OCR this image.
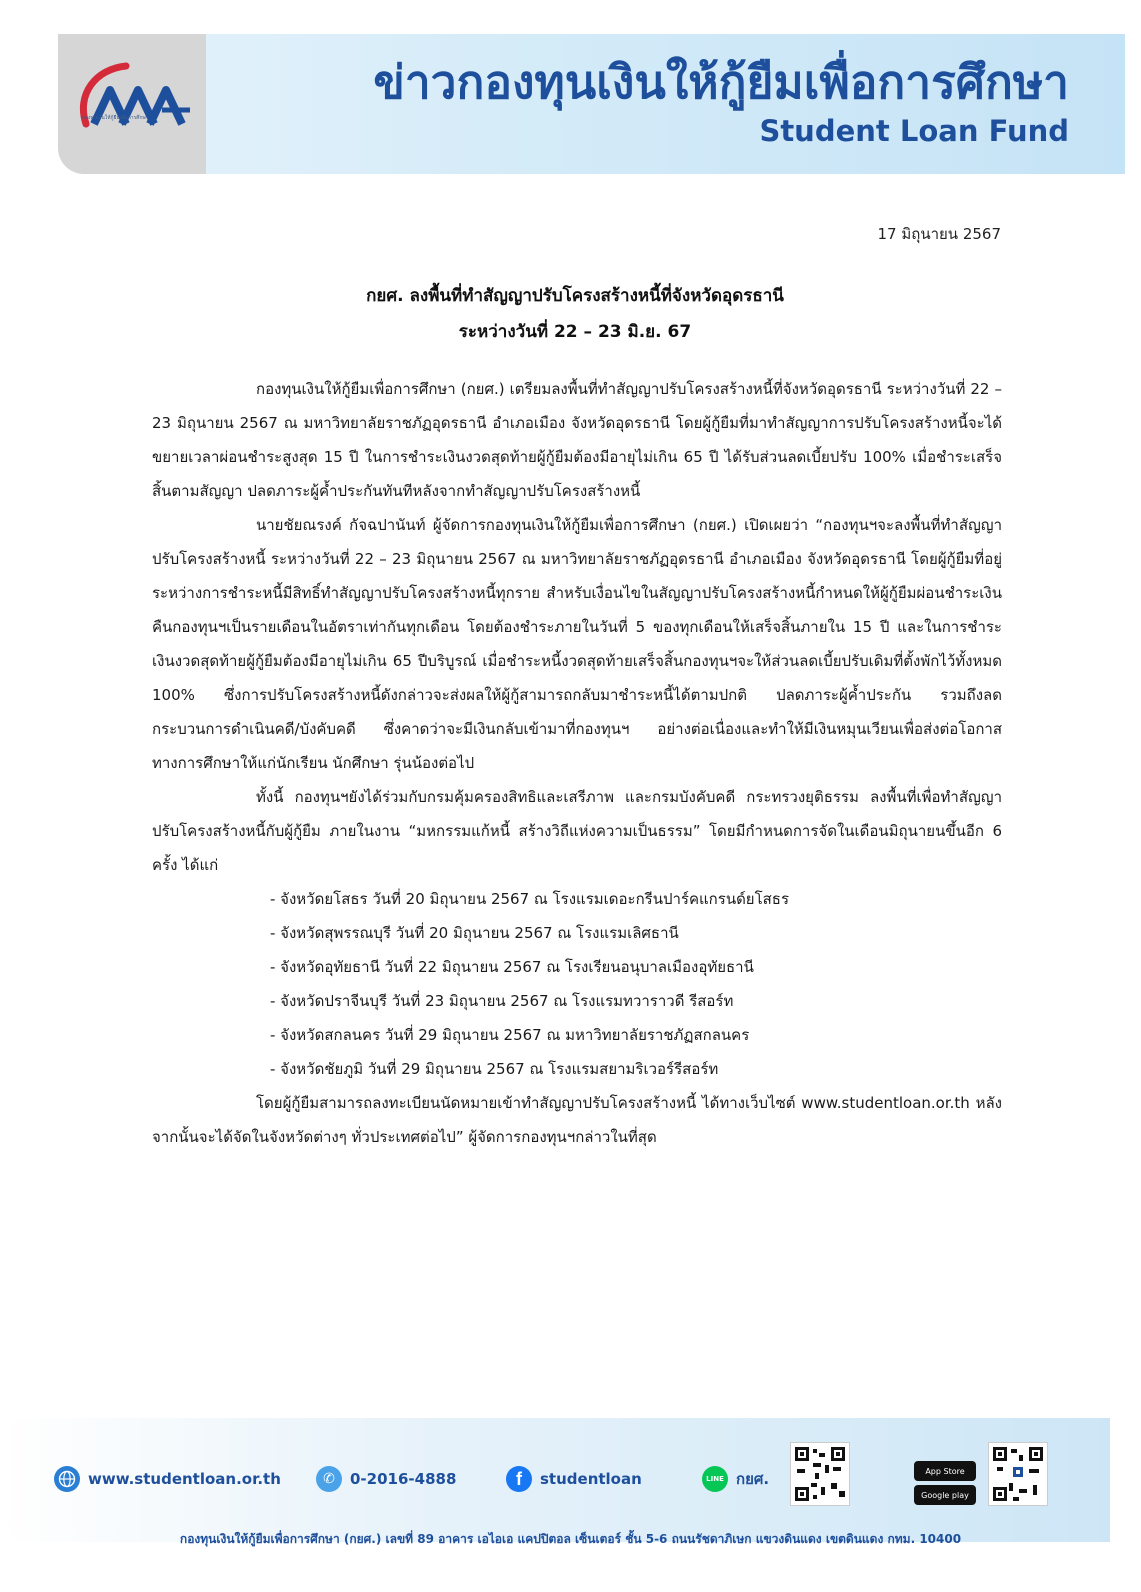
กองทุนเงินให้กู้ยืมเพื่อการศึกษา
ข่าวกองทุนเงินให้กู้ยืมเพื่อการศึกษา
Student Loan Fund
17 มิถุนายน 2567
กยศ. ลงพื้นที่ทำสัญญาปรับโครงสร้างหนี้ที่จังหวัดอุดรธานี
ระหว่างวันที่ 22 – 23 มิ.ย. 67

กองทุนเงินให้กู้ยืมเพื่อการศึกษา (กยศ.) เตรียมลงพื้นที่ทำสัญญาปรับโครงสร้างหนี้ที่จังหวัดอุดรธานี ระหว่างวันที่ 22 – 23 มิถุนายน 2567 ณ มหาวิทยาลัยราชภัฏอุดรธานี อำเภอเมือง จังหวัดอุดรธานี โดยผู้กู้ยืมที่มาทำสัญญาการปรับโครงสร้างหนี้จะได้ขยายเวลาผ่อนชำระสูงสุด 15 ปี ในการชำระเงินงวดสุดท้ายผู้กู้ยืมต้องมีอายุไม่เกิน 65 ปี ได้รับส่วนลดเบี้ยปรับ 100% เมื่อชำระเสร็จสิ้นตามสัญญา ปลดภาระผู้ค้ำประกันทันทีหลังจากทำสัญญาปรับโครงสร้างหนี้

นายชัยณรงค์ กัจฉปานันท์ ผู้จัดการกองทุนเงินให้กู้ยืมเพื่อการศึกษา (กยศ.) เปิดเผยว่า “กองทุนฯจะลงพื้นที่ทำสัญญาปรับโครงสร้างหนี้ ระหว่างวันที่ 22 – 23 มิถุนายน 2567 ณ มหาวิทยาลัยราชภัฏอุดรธานี อำเภอเมือง จังหวัดอุดรธานี โดยผู้กู้ยืมที่อยู่ระหว่างการชำระหนี้มีสิทธิ์ทำสัญญาปรับโครงสร้างหนี้ทุกราย สำหรับเงื่อนไขในสัญญาปรับโครงสร้างหนี้กำหนดให้ผู้กู้ยืมผ่อนชำระเงินคืนกองทุนฯเป็นรายเดือนในอัตราเท่ากันทุกเดือน โดยต้องชำระภายในวันที่ 5 ของทุกเดือนให้เสร็จสิ้นภายใน 15 ปี และในการชำระเงินงวดสุดท้ายผู้กู้ยืมต้องมีอายุไม่เกิน 65 ปีบริบูรณ์ เมื่อชำระหนี้งวดสุดท้ายเสร็จสิ้นกองทุนฯจะให้ส่วนลดเบี้ยปรับเดิมที่ตั้งพักไว้ทั้งหมด 100% ซึ่งการปรับโครงสร้างหนี้ดังกล่าวจะส่งผลให้ผู้กู้สามารถกลับมาชำระหนี้ได้ตามปกติ ปลดภาระผู้ค้ำประกัน รวมถึงลดกระบวนการดำเนินคดี/บังคับคดี ซึ่งคาดว่าจะมีเงินกลับเข้ามาที่กองทุนฯ อย่างต่อเนื่องและทำให้มีเงินหมุนเวียนเพื่อส่งต่อโอกาสทางการศึกษาให้แก่นักเรียน นักศึกษา รุ่นน้องต่อไป

ทั้งนี้ กองทุนฯยังได้ร่วมกับกรมคุ้มครองสิทธิและเสรีภาพ และกรมบังคับคดี กระทรวงยุติธรรม ลงพื้นที่เพื่อทำสัญญาปรับโครงสร้างหนี้กับผู้กู้ยืม ภายในงาน “มหกรรมแก้หนี้ สร้างวิถีแห่งความเป็นธรรม” โดยมีกำหนดการจัดในเดือนมิถุนายนขึ้นอีก 6 ครั้ง ได้แก่

- จังหวัดยโสธร วันที่ 20 มิถุนายน 2567 ณ โรงแรมเดอะกรีนปาร์คแกรนด์ยโสธร
- จังหวัดสุพรรณบุรี วันที่ 20 มิถุนายน 2567 ณ โรงแรมเลิศธานี
- จังหวัดอุทัยธานี วันที่ 22 มิถุนายน 2567 ณ โรงเรียนอนุบาลเมืองอุทัยธานี
- จังหวัดปราจีนบุรี วันที่ 23 มิถุนายน 2567 ณ โรงแรมทวาราวดี รีสอร์ท
- จังหวัดสกลนคร วันที่ 29 มิถุนายน 2567 ณ มหาวิทยาลัยราชภัฏสกลนคร
- จังหวัดชัยภูมิ วันที่ 29 มิถุนายน 2567 ณ โรงแรมสยามริเวอร์รีสอร์ท

โดยผู้กู้ยืมสามารถลงทะเบียนนัดหมายเข้าทำสัญญาปรับโครงสร้างหนี้ ได้ทางเว็บไซต์ www.studentloan.or.th หลังจากนั้นจะได้จัดในจังหวัดต่างๆ ทั่วประเทศต่อไป” ผู้จัดการกองทุนฯกล่าวในที่สุด

www.studentloan.or.th	✆	0-2016-4888	f	studentloan	LINE กยศ.	App Store
Google play
กองทุนเงินให้กู้ยืมเพื่อการศึกษา (กยศ.) เลขที่ 89 อาคาร เอไอเอ แคปปิตอล เซ็นเตอร์ ชั้น 5-6 ถนนรัชดาภิเษก แขวงดินแดง เขตดินแดง กทม. 10400
